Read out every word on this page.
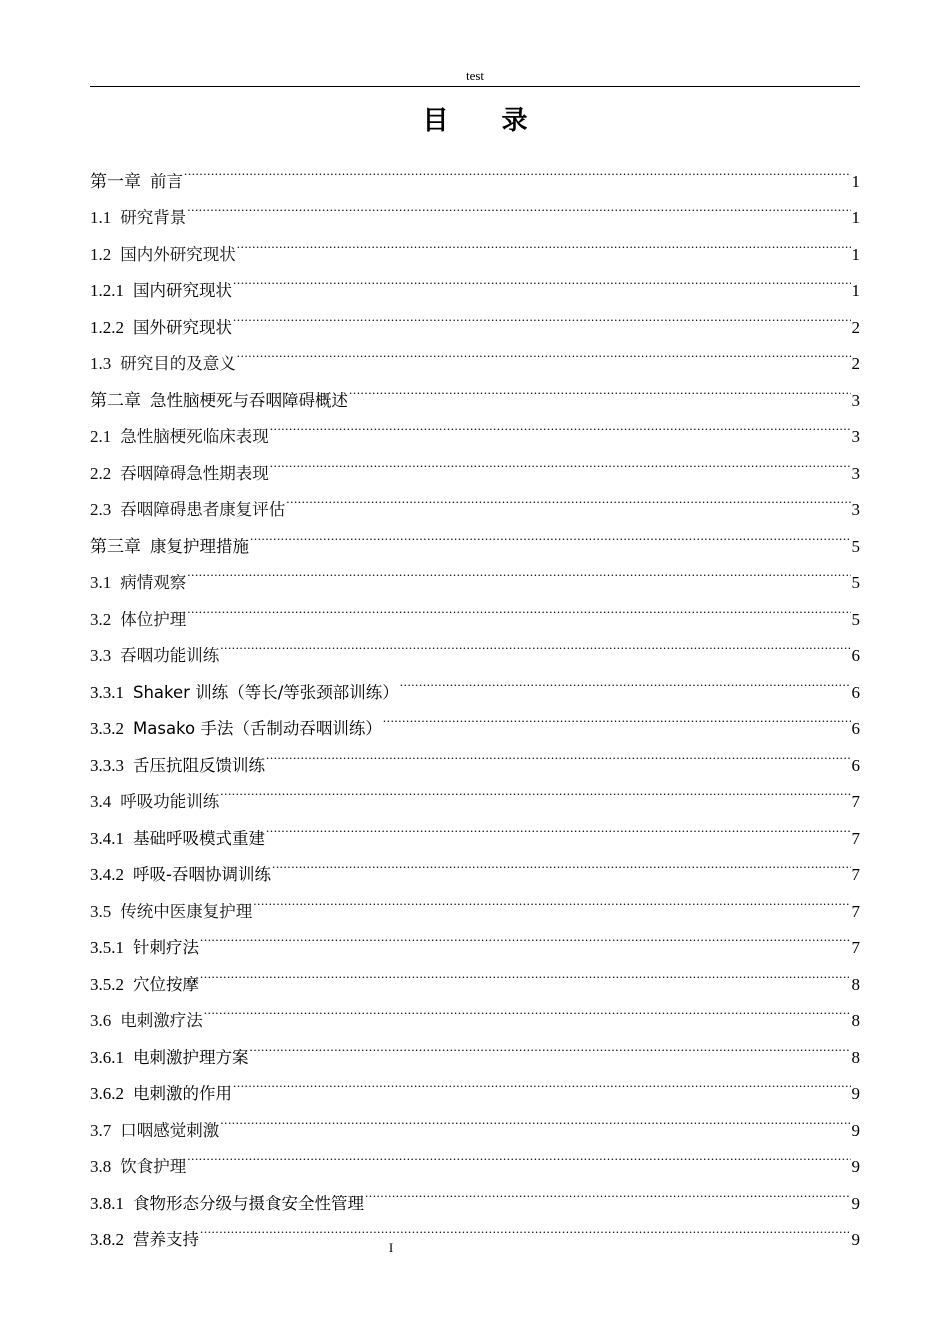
test
目 录
第一章 前言 .....	1
1.1 研究背景 .....	1
1.2 国内外研究现状 .....	1
1.2.1 国内研究现状 .....	1
1.2.2 国外研究现状 .....	2
1.3 研究目的及意义 .....	2
第二章 急性脑梗死与吞咽障碍概述 .....	3
2.1 急性脑梗死临床表现 .....	3
2.2 吞咽障碍急性期表现 .....	3
2.3 吞咽障碍患者康复评估 .....	3
第三章 康复护理措施 .....	5
3.1 病情观察 .....	5
3.2 体位护理 .....	5
3.3 吞咽功能训练 .....	6
3.3.1 Shaker 训练（等长/等张颈部训练） .....	6
3.3.2 Masako 手法（舌制动吞咽训练） .....	6
3.3.3 舌压抗阻反馈训练 .....	6
3.4 呼吸功能训练 .....	7
3.4.1 基础呼吸模式重建 .....	7
3.4.2 呼吸-吞咽协调训练 .....	7
3.5 传统中医康复护理 .....	7
3.5.1 针刺疗法 .....	7
3.5.2 穴位按摩 .....	8
3.6 电刺激疗法 .....	8
3.6.1 电刺激护理方案 .....	8
3.6.2 电刺激的作用 .....	9
3.7 口咽感觉刺激 .....	9
3.8 饮食护理 .....	9
3.8.1 食物形态分级与摄食安全性管理 .....	9
3.8.2 营养支持 .....	9
I
